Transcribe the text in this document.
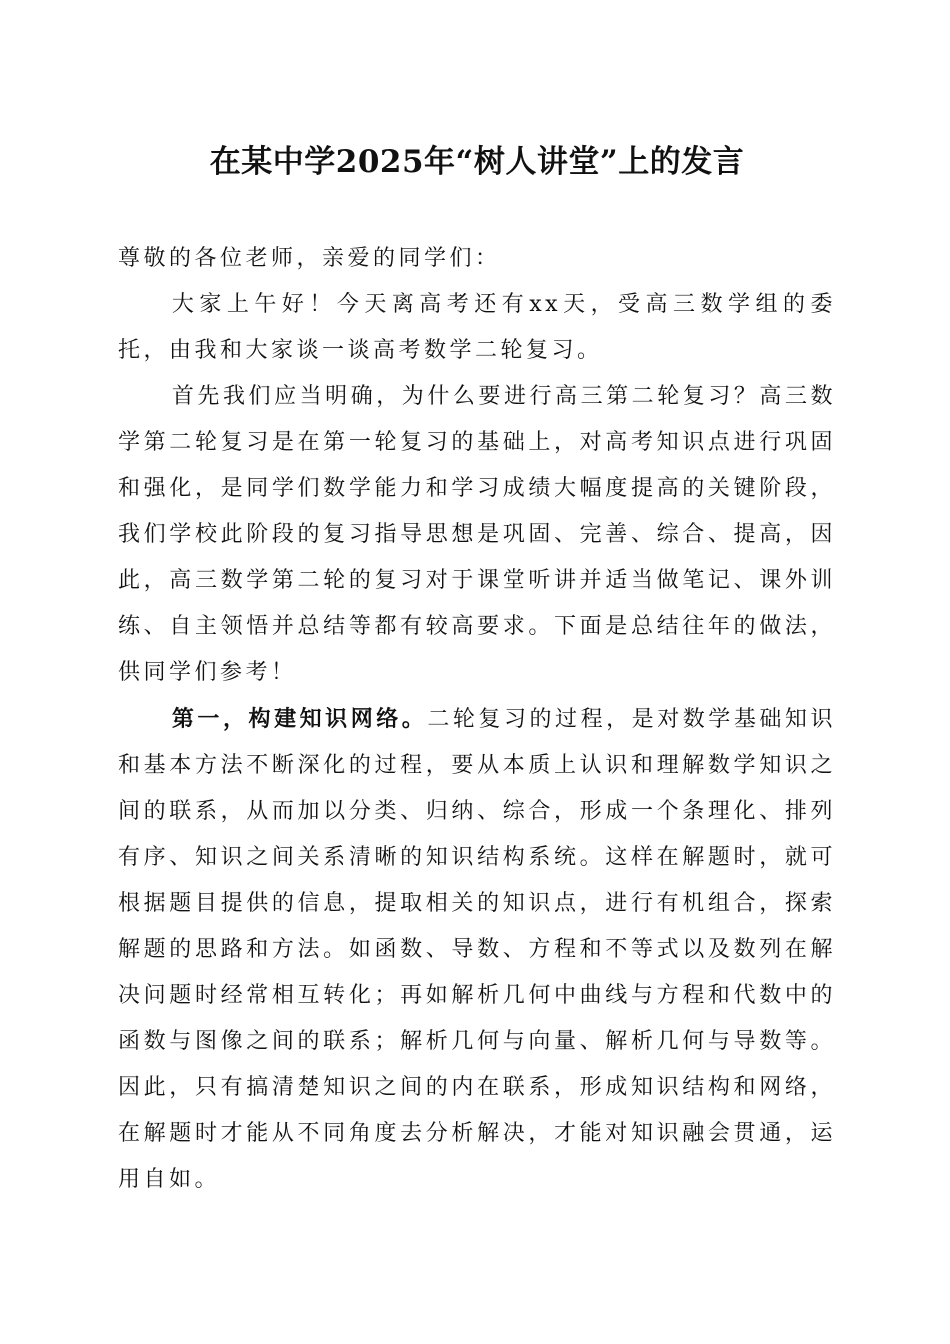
在某中学2025年“树人讲堂”上的发言

尊敬的各位老师，亲爱的同学们：

大家上午好！今天离高考还有xx天，受高三数学组的委托，由我和大家谈一谈高考数学二轮复习。

首先我们应当明确，为什么要进行高三第二轮复习？高三数学第二轮复习是在第一轮复习的基础上，对高考知识点进行巩固和强化，是同学们数学能力和学习成绩大幅度提高的关键阶段，我们学校此阶段的复习指导思想是巩固、完善、综合、提高，因此，高三数学第二轮的复习对于课堂听讲并适当做笔记、课外训练、自主领悟并总结等都有较高要求。下面是总结往年的做法，供同学们参考！

第一，构建知识网络。二轮复习的过程，是对数学基础知识和基本方法不断深化的过程，要从本质上认识和理解数学知识之间的联系，从而加以分类、归纳、综合，形成一个条理化、排列有序、知识之间关系清晰的知识结构系统。这样在解题时，就可根据题目提供的信息，提取相关的知识点，进行有机组合，探索解题的思路和方法。如函数、导数、方程和不等式以及数列在解决问题时经常相互转化；再如解析几何中曲线与方程和代数中的函数与图像之间的联系；解析几何与向量、解析几何与导数等。因此，只有搞清楚知识之间的内在联系，形成知识结构和网络，在解题时才能从不同角度去分析解决，才能对知识融会贯通，运用自如。
